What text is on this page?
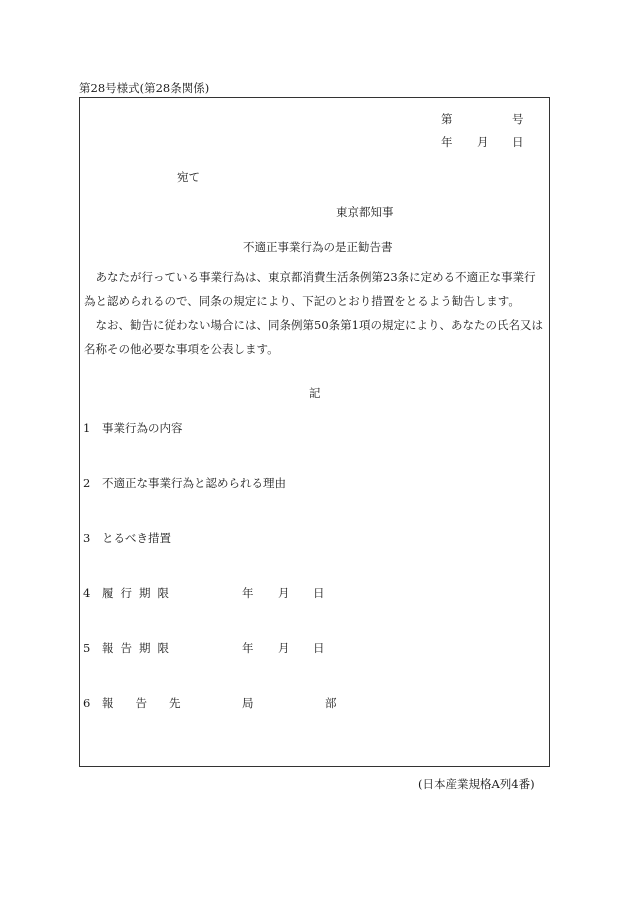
第28号様式(第28条関係)
第	号
年 月 日
宛て
東京都知事
不適正事業行為の是正勧告書
　あなたが行っている事業行為は、東京都消費生活条例第23条に定める不適正な事業行為と認められるので、同条の規定により、下記のとおり措置をとるよう勧告します。
　なお、勧告に従わない場合には、同条例第50条第1項の規定により、あなたの氏名又は名称その他必要な事項を公表します。
記
1 事業行為の内容
2 不適正な事業行為と認められる理由
3 とるべき措置
4 履行期限	年 月 日
5 報告期限	年 月 日
6 報告先	局	部
(日本産業規格A列4番)
